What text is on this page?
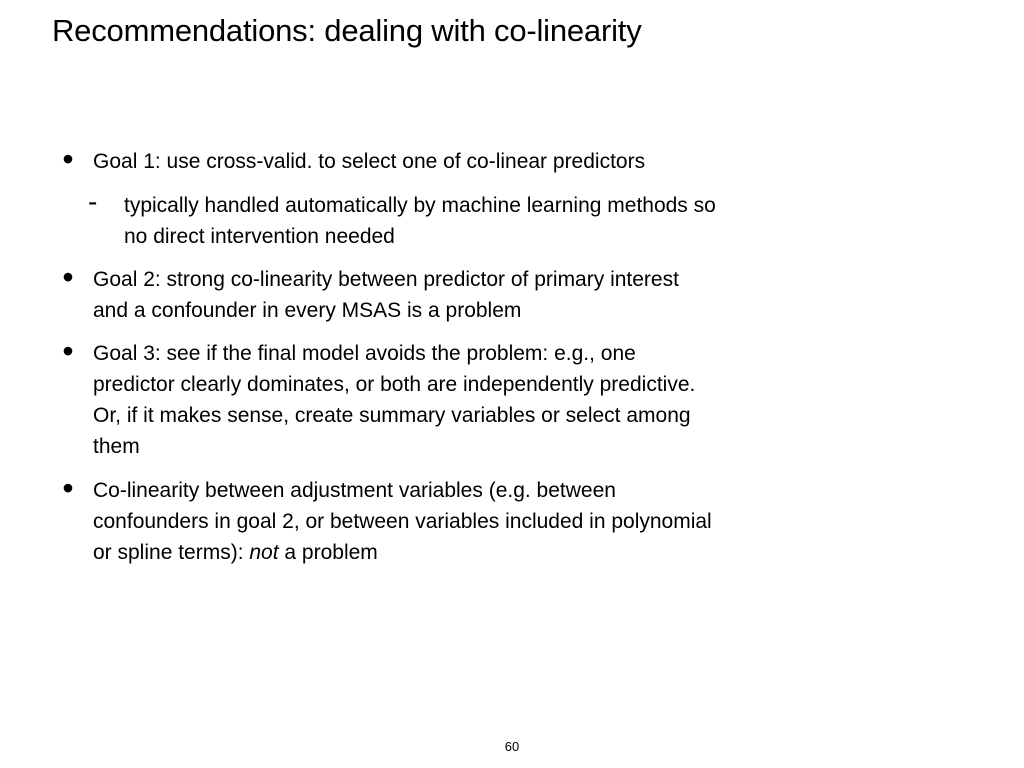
Recommendations: dealing with co-linearity
• Goal 1: use cross-valid. to select one of co-linear predictors
- typically handled automatically by machine learning methods so
no direct intervention needed
• Goal 2: strong co-linearity between predictor of primary interest
and a confounder in every MSAS is a problem
• Goal 3: see if the final model avoids the problem: e.g., one
predictor clearly dominates, or both are independently predictive.
Or, if it makes sense, create summary variables or select among
them
• Co-linearity between adjustment variables (e.g. between
confounders in goal 2, or between variables included in polynomial
or spline terms): not a problem
60
